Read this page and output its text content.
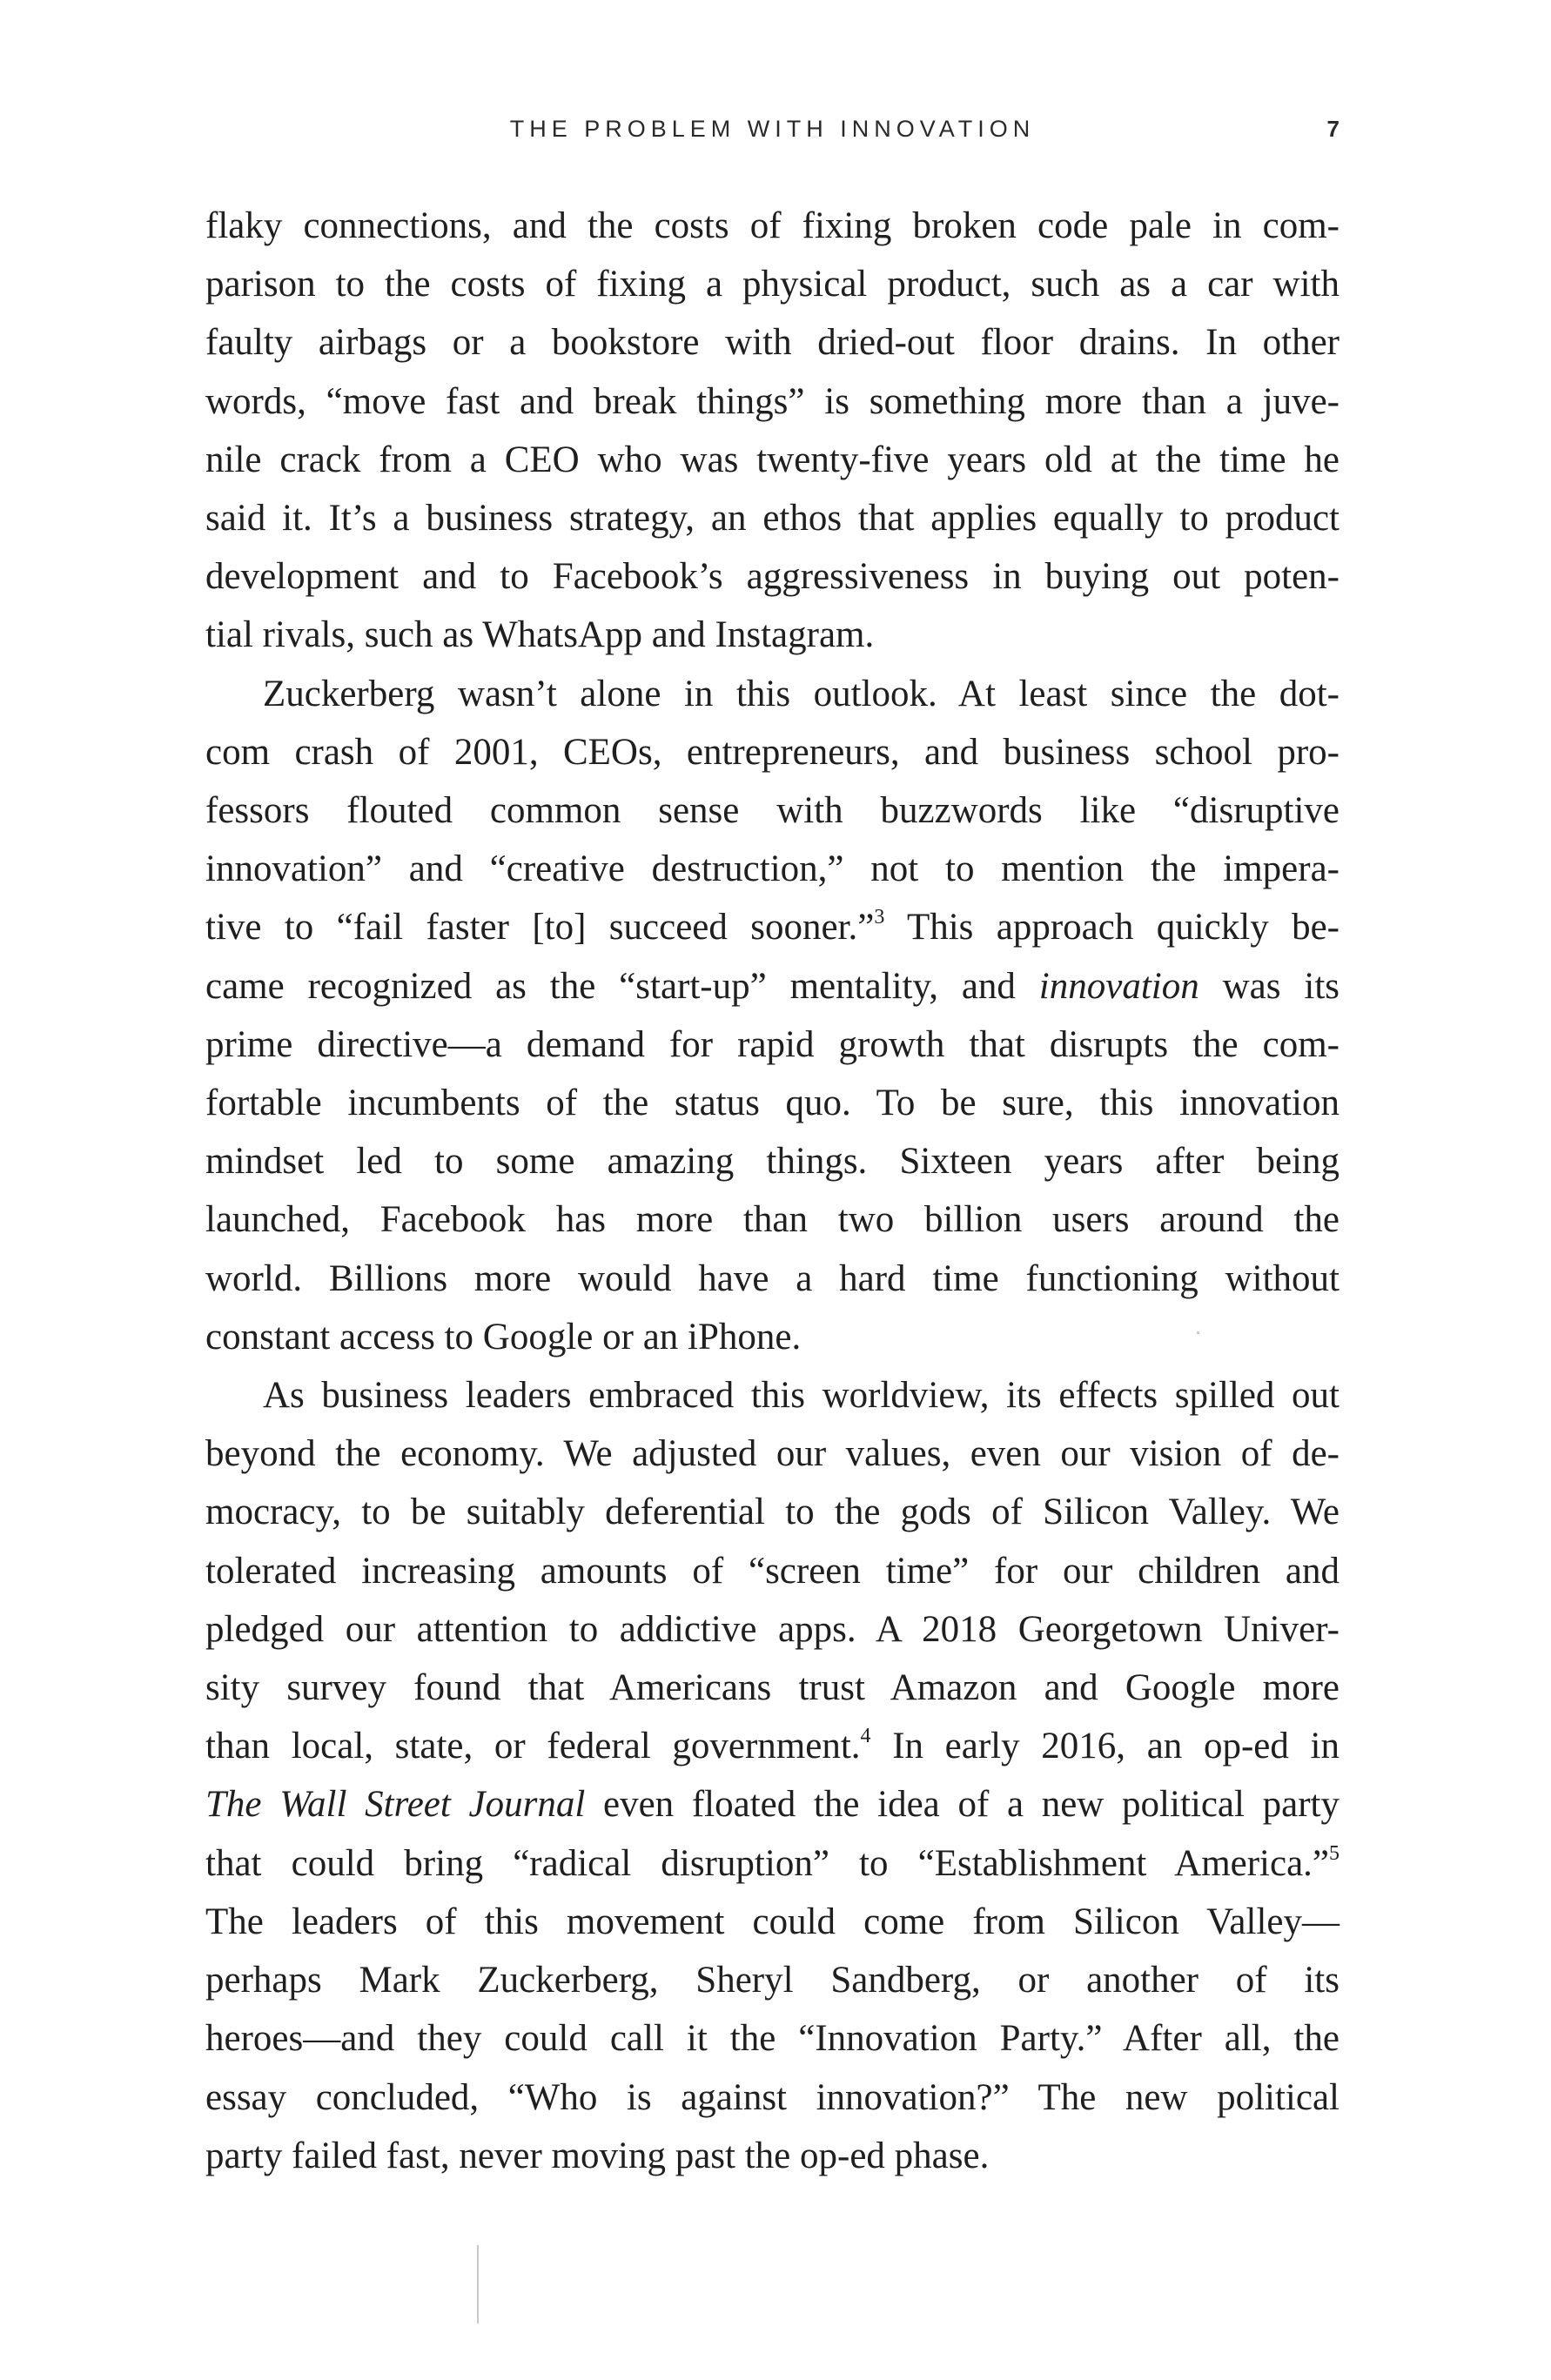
THE PROBLEM WITH INNOVATION	7

flaky connections, and the costs of fixing broken code pale in com-
parison to the costs of fixing a physical product, such as a car with
faulty airbags or a bookstore with dried-out floor drains. In other
words, “move fast and break things” is something more than a juve-
nile crack from a CEO who was twenty-five years old at the time he
said it. It’s a business strategy, an ethos that applies equally to product
development and to Facebook’s aggressiveness in buying out poten-
tial rivals, such as WhatsApp and Instagram.

Zuckerberg wasn’t alone in this outlook. At least since the dot-
com crash of 2001, CEOs, entrepreneurs, and business school pro-
fessors flouted common sense with buzzwords like “disruptive
innovation” and “creative destruction,” not to mention the impera-
tive to “fail faster [to] succeed sooner.”$^3$ This approach quickly be-
came recognized as the “start-up” mentality, and innovation was its
prime directive—a demand for rapid growth that disrupts the com-
fortable incumbents of the status quo. To be sure, this innovation
mindset led to some amazing things. Sixteen years after being
launched, Facebook has more than two billion users around the
world. Billions more would have a hard time functioning without
constant access to Google or an iPhone.

As business leaders embraced this worldview, its effects spilled out
beyond the economy. We adjusted our values, even our vision of de-
mocracy, to be suitably deferential to the gods of Silicon Valley. We
tolerated increasing amounts of “screen time” for our children and
pledged our attention to addictive apps. A 2018 Georgetown Univer-
sity survey found that Americans trust Amazon and Google more
than local, state, or federal government.$^4$ In early 2016, an op-ed in
The Wall Street Journal even floated the idea of a new political party
that could bring “radical disruption” to “Establishment America.”$^5$
The leaders of this movement could come from Silicon Valley—
perhaps Mark Zuckerberg, Sheryl Sandberg, or another of its
heroes—and they could call it the “Innovation Party.” After all, the
essay concluded, “Who is against innovation?” The new political
party failed fast, never moving past the op-ed phase.
